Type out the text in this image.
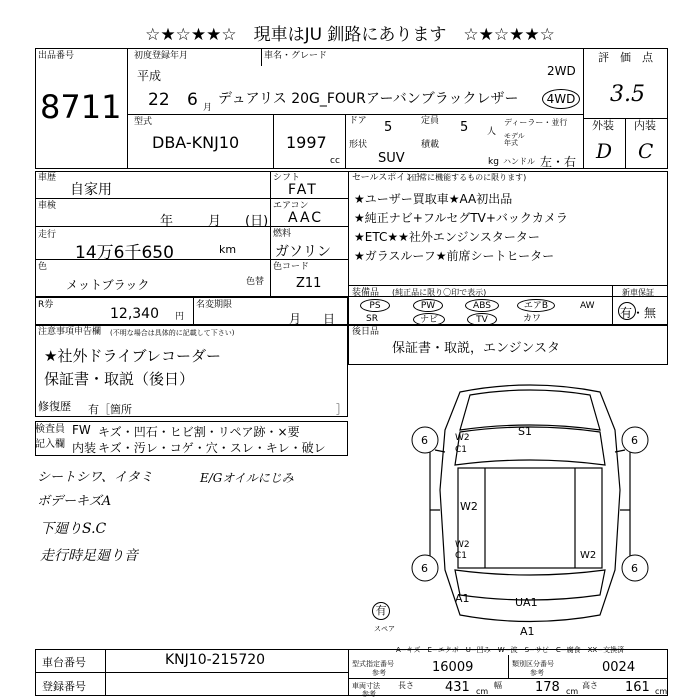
☆★☆★★☆　現車はJU 釧路にあります　☆★☆★★☆
出品番号
8711
初度登録年月
平成
22 6 月
車名・グレード
デュアリス 20G_FOURアーバンブラックレザー
2WD
4WD
評　価　点
3.5
型式
DBA-KNJ10	1997
cc
ドア 5	定員 5 人
ディーラー・並行
モデル
年式
形状
SUV
積載
kg ハンドル 左・右
外装 内装
D C
車歴
自家用
シフト
FAT
車検
年	月 (日)
エアコン
AAC
走行
14万6千650	km
燃料
ガソリン
色
メットブラック	色替
色コード
Z11
セールスポイント
(正常に機能するものに限ります)
★ユーザー買取車★AA初出品
★純正ナビ+フルセグTV+バックカメラ
★ETC★★社外エンジンスターター
★ガラスルーフ★前席シートヒーター
R券
12,340 円
名変期限
月 日
装備品 (純正品に限り〇印で表示)
PS	PW	ABS	エアB	AW
SR	ナビ	TV	カワ
新車保証
有・無
注意事項申告欄 (不明な場合は具体的に記載して下さい)
★社外ドライブレコーダー
保証書・取説（後日）
修復歴 有［箇所	］
後日品
保証書・取説，エンジンスタ
検査員
記入欄
FW キズ・凹石・ヒビ割・リペア跡・×要
内装 キズ・汚レ・コゲ・穴・スレ・キレ・破レ
シートシワ、イタミ
ボデーキズA
下廻りS.C
走行時足廻り音
E/Gオイルにじみ
6	6
6	6
W2
C1
S1
W2
W2
C1	W2
A1	UA1
A1
有
スペア
A−キズ　E−エクボ　U−凹み　W−波　S−サビ　C−腐食　XX−交換済
車台番号	KNJ10-215720
登録番号
型式指定番号
参考	16009	類別区分番号
参考	0024
車両寸法
参考
長さ 431 cm
幅	178 cm
高さ 161 cm
